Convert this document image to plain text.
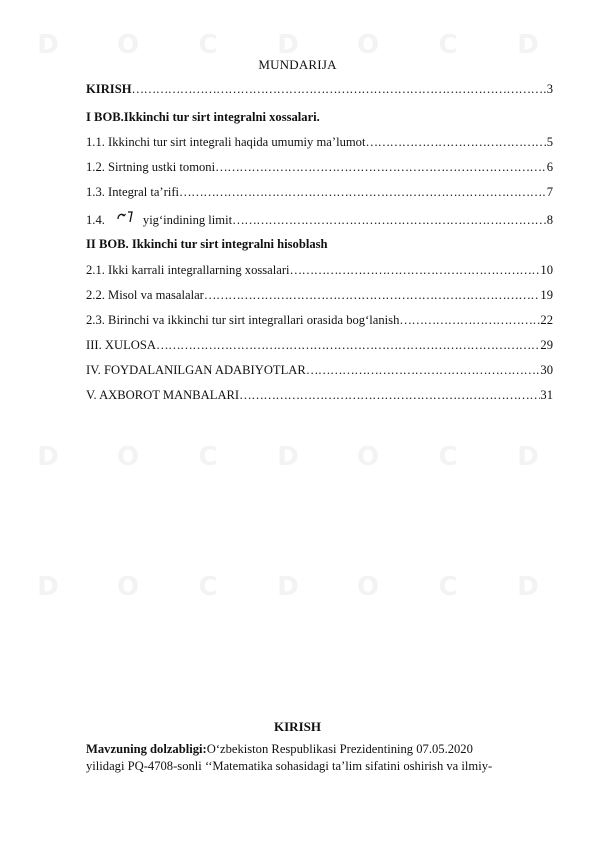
D	O	C	D	O	C	D
MUNDARIJA
KIRISH ……………………………………………………………………………………………………………………………………………	3
I BOB.Ikkinchi tur sirt integralni xossalari.
1.1. Ikkinchi tur sirt integrali haqida umumiy ma’lumot ……………………………………………………………………………………………………………………………………………	5
1.2. Sirtning ustki tomoni ……………………………………………………………………………………………………………………………………………	6
1.3. Integral ta’rifi ……………………………………………………………………………………………………………………………………………	7
1.4.	yig‘indining limit ……………………………………………………………………………………………………………………………………………	8
II BOB. Ikkinchi tur sirt integralni hisoblash
2.1. Ikki karrali integrallarning xossalari ……………………………………………………………………………………………………………………………………………	10
2.2. Misol va masalalar ……………………………………………………………………………………………………………………………………………	19
2.3. Birinchi va ikkinchi tur sirt integrallari orasida bog‘lanish ……………………………………………………………………………………………………………………………………………	22
III. XULOSA ……………………………………………………………………………………………………………………………………………	29
IV. FOYDALANILGAN ADABIYOTLAR ……………………………………………………………………………………………………………………………………………	30
V. AXBOROT MANBALARI ……………………………………………………………………………………………………………………………………………	31
D	O	C	D	O	C	D
D	O	C	D	O	C	D
KIRISH
Mavzuning dolzabligi:O‘zbekiston Respublikasi Prezidentining 07.05.2020
yilidagi PQ-4708-sonli ‘‘Matematika sohasidagi ta’lim sifatini oshirish va ilmiy-
